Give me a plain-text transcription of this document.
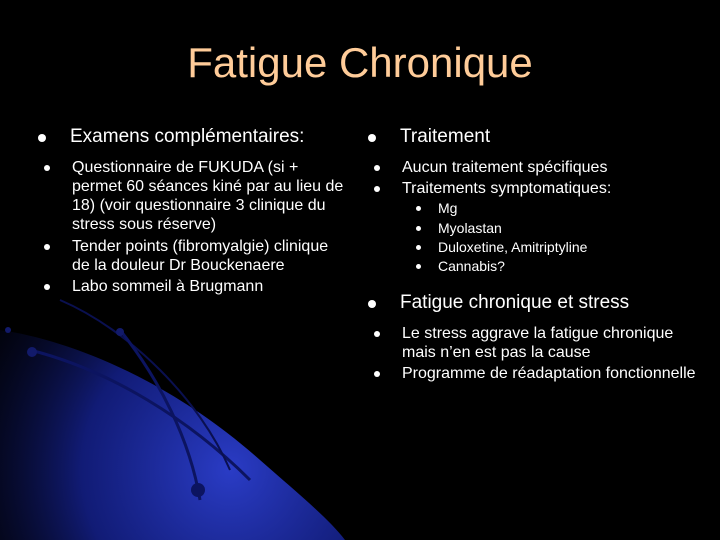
Fatigue Chronique
Examens complémentaires:
Questionnaire de FUKUDA (si + permet 60 séances kiné par au lieu de 18) (voir questionnaire 3 clinique du stress sous réserve)
Tender points (fibromyalgie) clinique de la douleur Dr Bouckenaere
Labo sommeil à Brugmann
Traitement
Aucun traitement spécifiques
Traitements symptomatiques:
Mg
Myolastan
Duloxetine, Amitriptyline
Cannabis?
Fatigue chronique et stress
Le stress aggrave la fatigue chronique mais n’en est pas la cause
Programme de réadaptation fonctionnelle
